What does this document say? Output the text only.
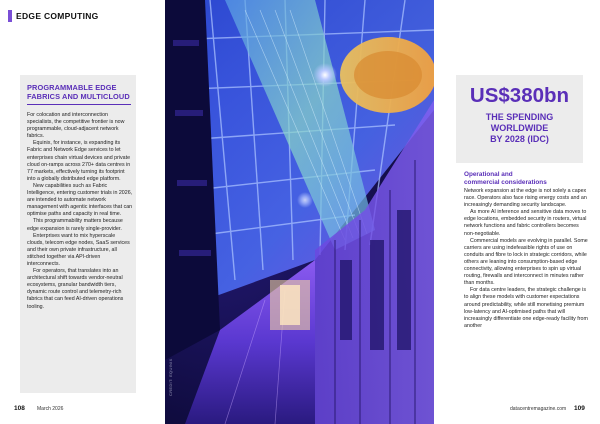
EDGE COMPUTING
PROGRAMMABLE EDGE
FABRICS AND MULTICLOUD

For colocation and interconnection specialists, the competitive frontier is now programmable, cloud-adjacent network fabrics.

Equinix, for instance, is expanding its Fabric and Network Edge services to let enterprises chain virtual devices and private cloud on-ramps across 270+ data centres in 77 markets, effectively turning its footprint into a globally distributed edge platform.

New capabilities such as Fabric Intelligence, entering customer trials in 2026, are intended to automate network management with agentic interfaces that can optimise paths and capacity in real time.

This programmability matters because edge expansion is rarely single-provider.

Enterprises want to mix hyperscale clouds, telecom edge nodes, SaaS services and their own private infrastructure, all stitched together via API-driven interconnects.

For operators, that translates into an architectural shift towards vendor-neutral ecosystems, granular bandwidth tiers, dynamic route control and telemetry-rich fabrics that can feed AI-driven operations tooling.

CREDIT: EQUINIX
US$380bn
THE SPENDING
WORLDWIDE
BY 2028 (IDC)
Operational and
commercial considerations

Network expansion at the edge is not solely a capex race. Operators also face rising energy costs and an increasingly demanding security landscape.

As more AI inference and sensitive data moves to edge locations, embedded security in routers, virtual network functions and fabric controllers becomes non-negotiable.

Commercial models are evolving in parallel. Some carriers are using indefeasible rights of use on conduits and fibre to lock in strategic corridors, while others are leaning into consumption-based edge connectivity, allowing enterprises to spin up virtual routing, firewalls and interconnect in minutes rather than months.

For data centre leaders, the strategic challenge is to align these models with customer expectations around predictability, while still monetising premium low-latency and AI-optimised paths that will increasingly differentiate one edge-ready facility from another

108 March 2026	datacentremagazine.com 109
